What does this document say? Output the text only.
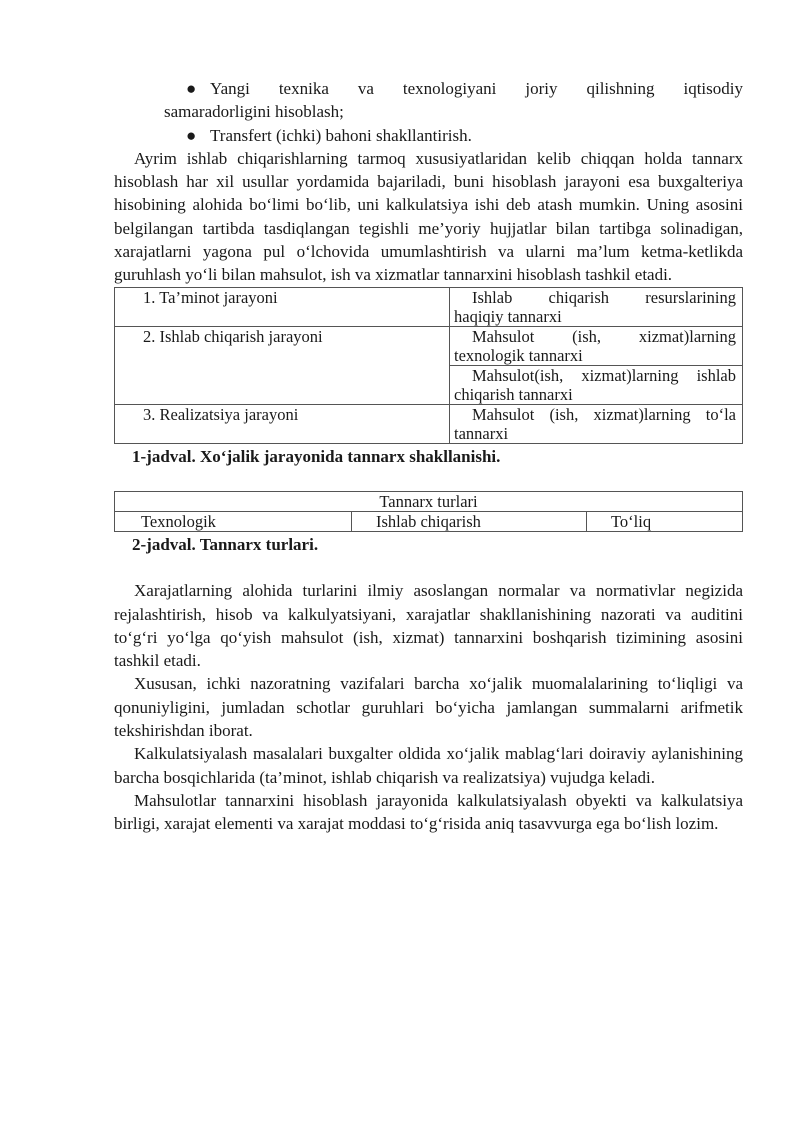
● Yangi texnika va texnologiyani joriy qilishning iqtisodiy
samaradorligini hisoblash;
● Transfert (ichki) bahoni shakllantirish.

Ayrim ishlab chiqarishlarning tarmoq xususiyatlaridan kelib chiqqan holda tannarx hisoblash har xil usullar yordamida bajariladi, buni hisoblash jarayoni esa buxgalteriya hisobining alohida bo‘limi bo‘lib, uni kalkulatsiya ishi deb atash mumkin. Uning asosini belgilangan tartibda tasdiqlangan tegishli me’yoriy hujjatlar bilan tartibga solinadigan, xarajatlarni yagona pul o‘lchovida umumlashtirish va ularni ma’lum ketma-ketlikda guruhlash yo‘li bilan mahsulot, ish va xizmatlar tannarxini hisoblash tashkil etadi.

1. Ta’minot jarayoni	Ishlab chiqarish resurslarining
haqiqiy tannarxi

2. Ishlab chiqarish jarayoni	Mahsulot (ish, xizmat)larning
texnologik tannarxi

	Mahsulot(ish, xizmat)larning ishlab
chiqarish tannarxi

3. Realizatsiya jarayoni	Mahsulot (ish, xizmat)larning to‘la
tannarxi
1-jadval. Xo‘jalik jarayonida tannarx shakllanishi.
Tannarx turlari
Texnologik	Ishlab chiqarish	To‘liq
2-jadval. Tannarx turlari.

Xarajatlarning alohida turlarini ilmiy asoslangan normalar va normativlar negizida rejalashtirish, hisob va kalkulyatsiyani, xarajatlar shakllanishining nazorati va auditini to‘g‘ri yo‘lga qo‘yish mahsulot (ish, xizmat) tannarxini boshqarish tizimining asosini tashkil etadi.

Xususan, ichki nazoratning vazifalari barcha xo‘jalik muomalalarining to‘liqligi va qonuniyligini, jumladan schotlar guruhlari bo‘yicha jamlangan summalarni arifmetik tekshirishdan iborat.

Kalkulatsiyalash masalalari buxgalter oldida xo‘jalik mablag‘lari doiraviy aylanishining barcha bosqichlarida (ta’minot, ishlab chiqarish va realizatsiya) vujudga keladi.

Mahsulotlar tannarxini hisoblash jarayonida kalkulatsiyalash obyekti va kalkulatsiya birligi, xarajat elementi va xarajat moddasi to‘g‘risida aniq tasavvurga ega bo‘lish lozim.
